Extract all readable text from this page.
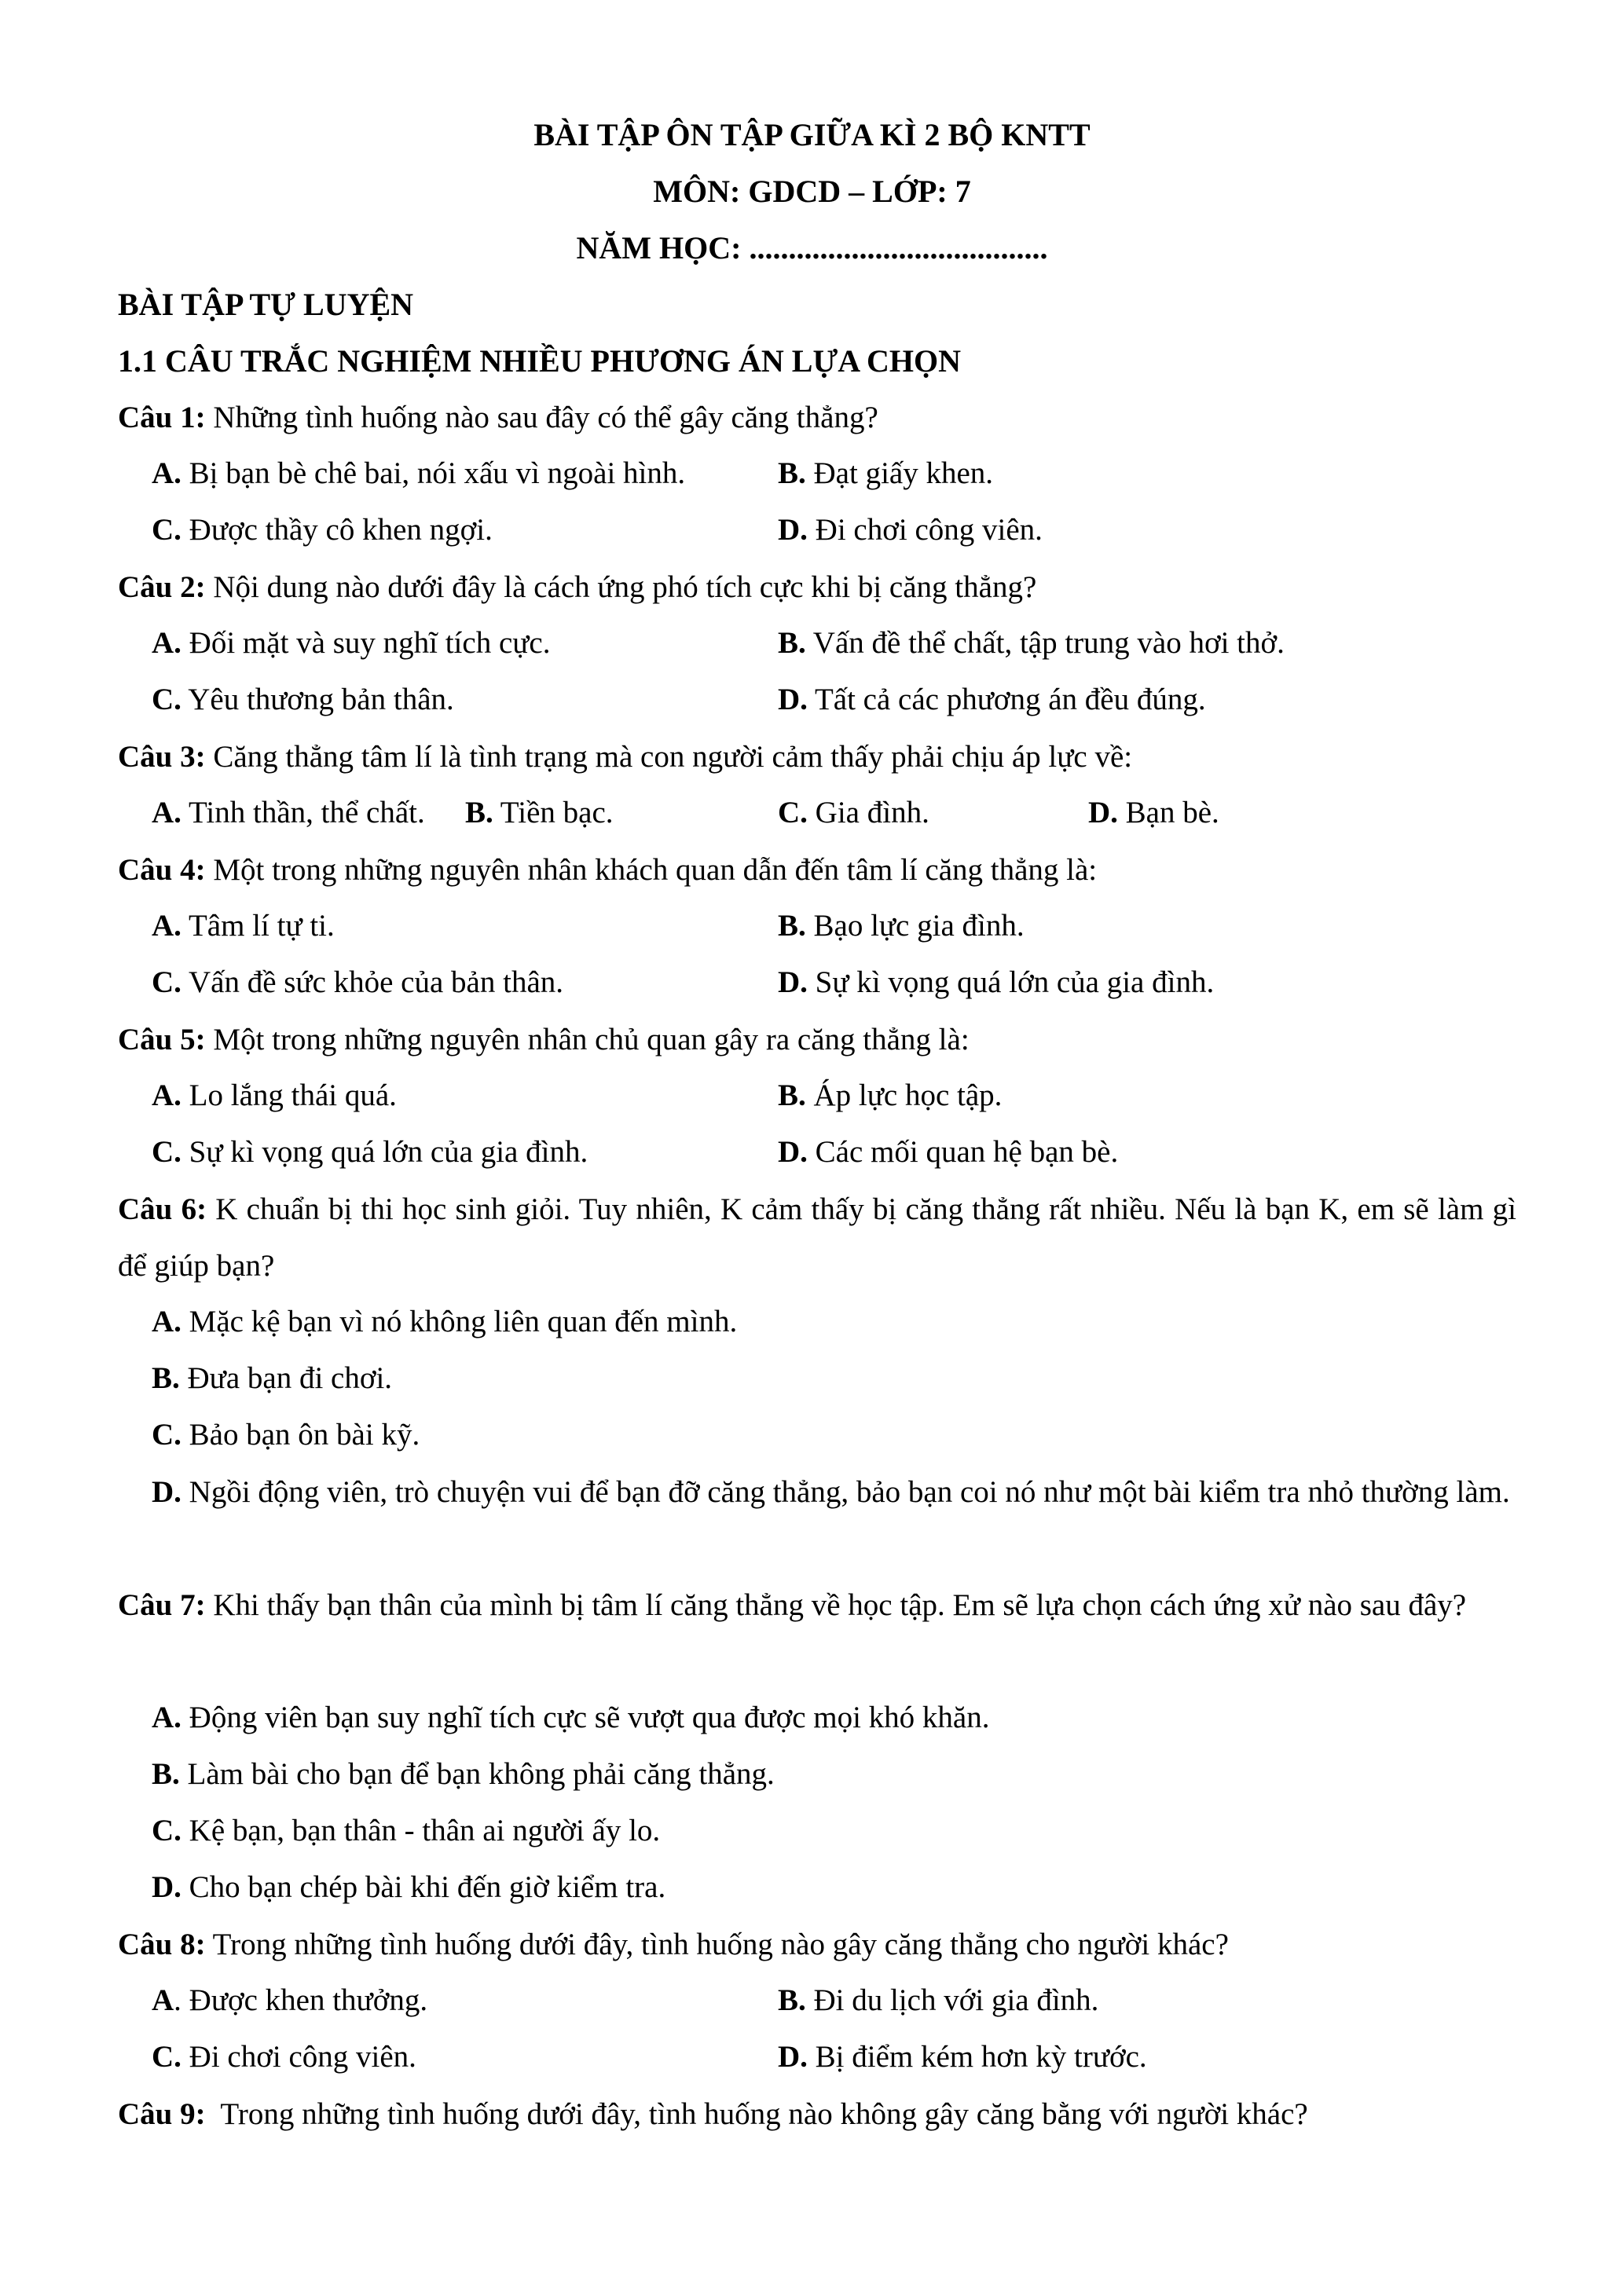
BÀI TẬP ÔN TẬP GIỮA KÌ 2 BỘ KNTT
MÔN: GDCD – LỚP: 7
NĂM HỌC: ......................................
BÀI TẬP TỰ LUYỆN
1.1 CÂU TRẮC NGHIỆM NHIỀU PHƯƠNG ÁN LỰA CHỌN
Câu 1: Những tình huống nào sau đây có thể gây căng thẳng?
A. Bị bạn bè chê bai, nói xấu vì ngoài hình.	B. Đạt giấy khen.
C. Được thầy cô khen ngợi.	D. Đi chơi công viên.
Câu 2: Nội dung nào dưới đây là cách ứng phó tích cực khi bị căng thẳng?
A. Đối mặt và suy nghĩ tích cực.	B. Vấn đề thể chất, tập trung vào hơi thở.
C. Yêu thương bản thân.	D. Tất cả các phương án đều đúng.
Câu 3: Căng thẳng tâm lí là tình trạng mà con người cảm thấy phải chịu áp lực về:
A. Tinh thần, thể chất. B. Tiền bạc.	C. Gia đình.	D. Bạn bè.
Câu 4: Một trong những nguyên nhân khách quan dẫn đến tâm lí căng thẳng là:
A. Tâm lí tự ti.	B. Bạo lực gia đình.
C. Vấn đề sức khỏe của bản thân.	D. Sự kì vọng quá lớn của gia đình.
Câu 5: Một trong những nguyên nhân chủ quan gây ra căng thẳng là:
A. Lo lắng thái quá.	B. Áp lực học tập.
C. Sự kì vọng quá lớn của gia đình.	D. Các mối quan hệ bạn bè.
Câu 6: K chuẩn bị thi học sinh giỏi. Tuy nhiên, K cảm thấy bị căng thẳng rất nhiều. Nếu là bạn K, em sẽ làm gì để giúp bạn?
A. Mặc kệ bạn vì nó không liên quan đến mình.
B. Đưa bạn đi chơi.
C. Bảo bạn ôn bài kỹ.
D. Ngồi động viên, trò chuyện vui để bạn đỡ căng thẳng, bảo bạn coi nó như một bài kiểm tra nhỏ thường làm.
Câu 7: Khi thấy bạn thân của mình bị tâm lí căng thẳng về học tập. Em sẽ lựa chọn cách ứng xử nào sau đây?
A. Động viên bạn suy nghĩ tích cực sẽ vượt qua được mọi khó khăn.
B. Làm bài cho bạn để bạn không phải căng thẳng.
C. Kệ bạn, bạn thân - thân ai người ấy lo.
D. Cho bạn chép bài khi đến giờ kiểm tra.
Câu 8: Trong những tình huống dưới đây, tình huống nào gây căng thẳng cho người khác?
A. Được khen thưởng.	B. Đi du lịch với gia đình.
C. Đi chơi công viên.	D. Bị điểm kém hơn kỳ trước.
Câu 9:  Trong những tình huống dưới đây, tình huống nào không gây căng bằng với người khác?
